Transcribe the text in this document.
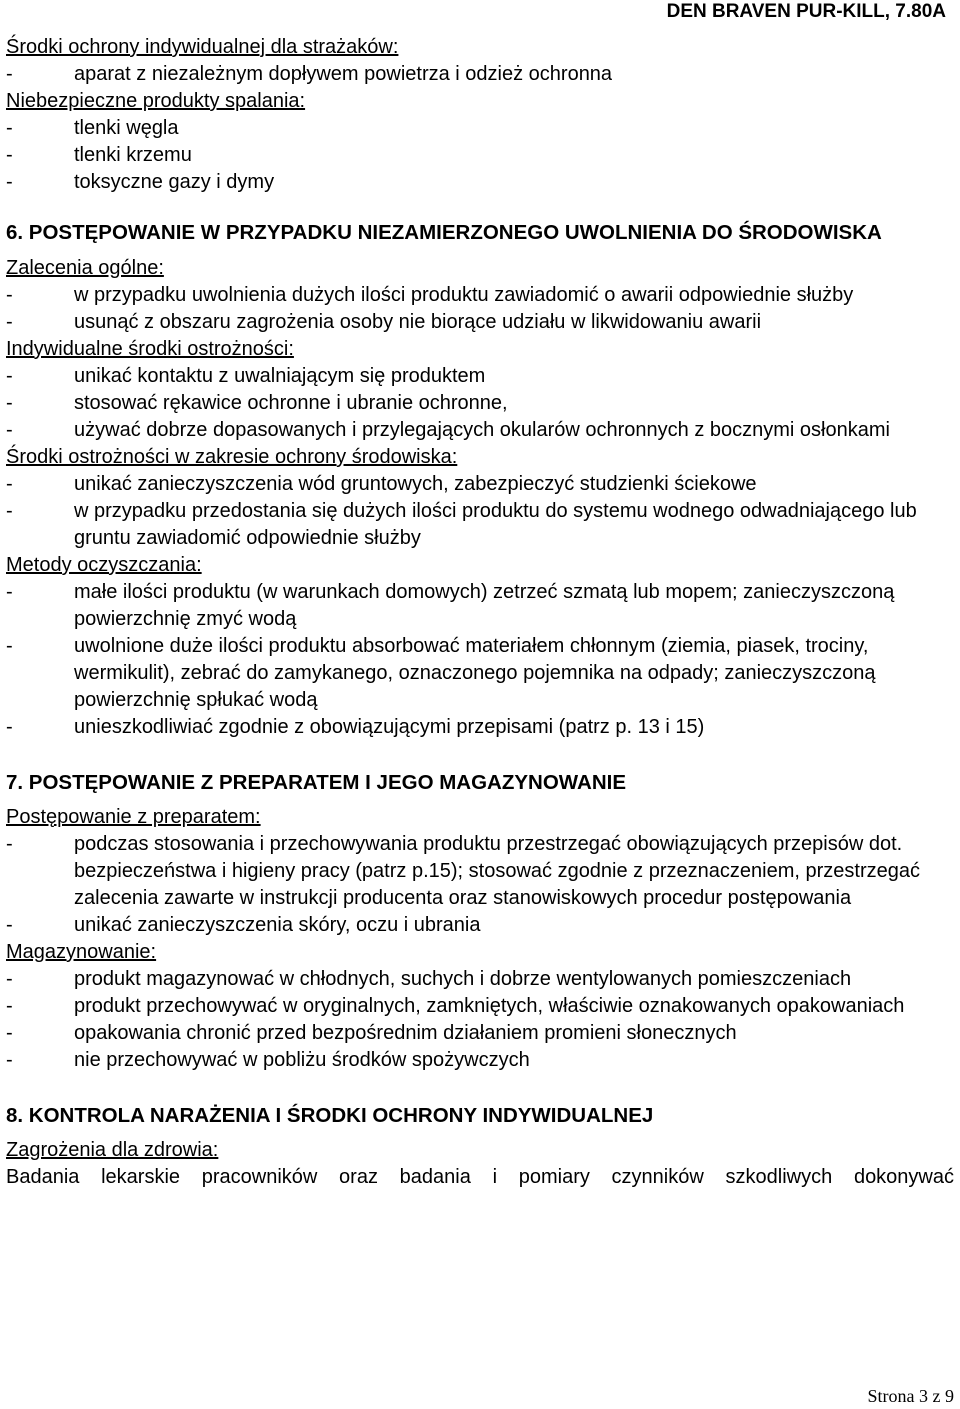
DEN BRAVEN PUR-KILL, 7.80A
Środki ochrony indywidualnej dla strażaków:
-	aparat z niezależnym dopływem powietrza i odzież ochronna
Niebezpieczne produkty spalania:
-	tlenki węgla
-	tlenki krzemu
-	toksyczne gazy i dymy
6. POSTĘPOWANIE W PRZYPADKU NIEZAMIERZONEGO UWOLNIENIA DO ŚRODOWISKA
Zalecenia ogólne:
-	w przypadku uwolnienia dużych ilości produktu zawiadomić o awarii odpowiednie służby
-	usunąć z obszaru zagrożenia osoby nie biorące udziału w likwidowaniu awarii
Indywidualne środki ostrożności:
-	unikać kontaktu z uwalniającym się produktem
-	stosować rękawice ochronne i ubranie ochronne,
-	używać dobrze dopasowanych i przylegających okularów ochronnych z bocznymi osłonkami
Środki ostrożności w zakresie ochrony środowiska:
-	unikać zanieczyszczenia wód gruntowych, zabezpieczyć studzienki ściekowe
-	w przypadku przedostania się dużych ilości produktu do systemu wodnego odwadniającego lub gruntu zawiadomić odpowiednie służby
Metody oczyszczania:
-	małe ilości produktu (w warunkach domowych) zetrzeć szmatą lub mopem; zanieczyszczoną powierzchnię zmyć wodą
-	uwolnione duże ilości produktu absorbować materiałem chłonnym (ziemia, piasek, trociny, wermikulit), zebrać do zamykanego, oznaczonego pojemnika na odpady; zanieczyszczoną powierzchnię spłukać wodą
-	unieszkodliwiać zgodnie z obowiązującymi przepisami (patrz p. 13 i 15)
7. POSTĘPOWANIE Z PREPARATEM I JEGO MAGAZYNOWANIE
Postępowanie z preparatem:
-	podczas stosowania i przechowywania produktu przestrzegać obowiązujących przepisów dot. bezpieczeństwa i higieny pracy (patrz p.15); stosować zgodnie z przeznaczeniem, przestrzegać zalecenia zawarte w instrukcji producenta oraz stanowiskowych procedur postępowania
-	unikać zanieczyszczenia skóry, oczu i ubrania
Magazynowanie:
-	produkt magazynować w chłodnych, suchych i dobrze wentylowanych pomieszczeniach
-	produkt przechowywać w oryginalnych, zamkniętych, właściwie oznakowanych opakowaniach
-	opakowania chronić przed bezpośrednim działaniem promieni słonecznych
-	nie przechowywać w pobliżu środków spożywczych
8. KONTROLA NARAŻENIA I ŚRODKI OCHRONY INDYWIDUALNEJ
Zagrożenia dla zdrowia:
Badania lekarskie pracowników oraz badania i pomiary czynników szkodliwych dokonywać
Strona 3 z 9
